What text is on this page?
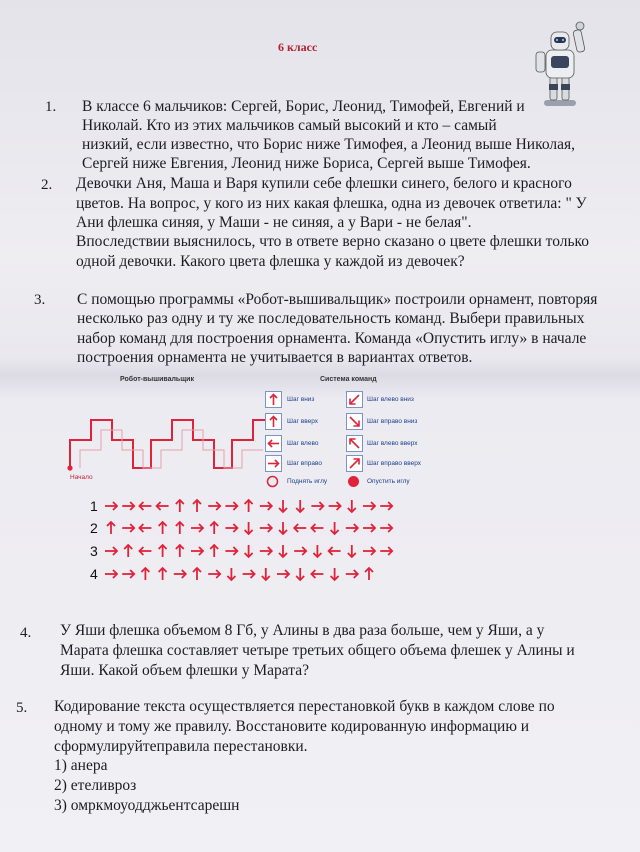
6 класс
1. В классе 6 мальчиков: Сергей, Борис, Леонид, Тимофей, Евгений и

Николай. Кто из этих мальчиков самый высокий и кто – самый

низкий, если известно, что Борис ниже Тимофея, а Леонид выше Николая,

Сергей ниже Евгения, Леонид ниже Бориса, Сергей выше Тимофея.

2. Девочки Аня, Маша и Варя купили себе флешки синего, белого и красного

цветов. На вопрос, у кого из них какая флешка, одна из девочек ответила: " У

Ани флешка синяя, у Маши - не синяя, а у Вари - не белая".

Впоследствии выяснилось, что в ответе верно сказано о цвете флешки только

одной девочки. Какого цвета флешка у каждой из девочек?

3. С помощью программы «Робот-вышивальщик» построили орнамент, повторяя

несколько раз одну и ту же последовательность команд. Выбери правильных

набор команд для построения орнамента. Команда «Опустить иглу» в начале

построения орнамента не учитывается в вариантах ответов.

Робот-вышивальщик	Система команд
Начало
Шаг вниз
Шаг вверх
Шаг влево
Шаг вправо
Поднять иглу
Шаг влево вниз
Шаг вправо вниз
Шаг влево вверх
Шаг вправо вверх
Опустить иглу
1
2
3
4
4. У Яши флешка объемом 8 Гб, у Алины в два раза больше, чем у Яши, а у

Марата флешка составляет четыре третьих общего объема флешек у Алины и

Яши. Какой объем флешки у Марата?

5. Кодирование текста осуществляется перестановкой букв в каждом слове по

одному и тому же правилу. Восстановите кодированную информацию и

сформулируйтеправила перестановки.

1) анера

2) етеливроз

3) омркмоуодджьентсарешн
